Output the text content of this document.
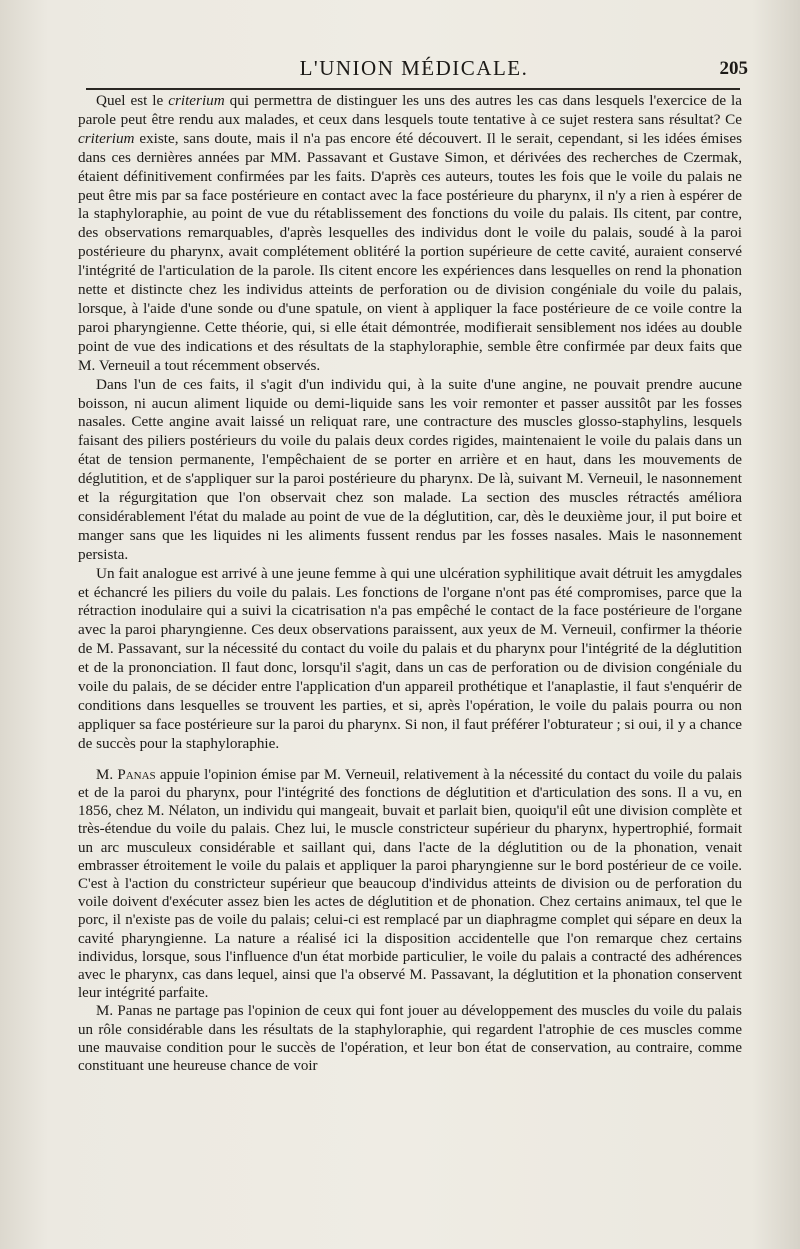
L'UNION MÉDICALE.	205

Quel est le criterium qui permettra de distinguer les uns des autres les cas dans lesquels l'exercice de la parole peut être rendu aux malades, et ceux dans lesquels toute tentative à ce sujet restera sans résultat? Ce criterium existe, sans doute, mais il n'a pas encore été découvert. Il le serait, cependant, si les idées émises dans ces dernières années par MM. Passavant et Gustave Simon, et dérivées des recherches de Czermak, étaient définitivement confirmées par les faits. D'après ces auteurs, toutes les fois que le voile du palais ne peut être mis par sa face postérieure en contact avec la face postérieure du pharynx, il n'y a rien à espérer de la staphyloraphie, au point de vue du rétablissement des fonctions du voile du palais. Ils citent, par contre, des observations remarquables, d'après lesquelles des individus dont le voile du palais, soudé à la paroi postérieure du pharynx, avait complétement oblitéré la portion supérieure de cette cavité, auraient conservé l'intégrité de l'articulation de la parole. Ils citent encore les expériences dans lesquelles on rend la phonation nette et distincte chez les individus atteints de perforation ou de division congéniale du voile du palais, lorsque, à l'aide d'une sonde ou d'une spatule, on vient à appliquer la face postérieure de ce voile contre la paroi pharyngienne. Cette théorie, qui, si elle était démontrée, modifierait sensiblement nos idées au double point de vue des indications et des résultats de la staphyloraphie, semble être confirmée par deux faits que M. Verneuil a tout récemment observés.

Dans l'un de ces faits, il s'agit d'un individu qui, à la suite d'une angine, ne pouvait prendre aucune boisson, ni aucun aliment liquide ou demi-liquide sans les voir remonter et passer aussitôt par les fosses nasales. Cette angine avait laissé un reliquat rare, une contracture des muscles glosso-staphylins, lesquels faisant des piliers postérieurs du voile du palais deux cordes rigides, maintenaient le voile du palais dans un état de tension permanente, l'empêchaient de se porter en arrière et en haut, dans les mouvements de déglutition, et de s'appliquer sur la paroi postérieure du pharynx. De là, suivant M. Verneuil, le nasonnement et la régurgitation que l'on observait chez son malade. La section des muscles rétractés améliora considérablement l'état du malade au point de vue de la déglutition, car, dès le deuxième jour, il put boire et manger sans que les liquides ni les aliments fussent rendus par les fosses nasales. Mais le nasonnement persista.

Un fait analogue est arrivé à une jeune femme à qui une ulcération syphilitique avait détruit les amygdales et échancré les piliers du voile du palais. Les fonctions de l'organe n'ont pas été compromises, parce que la rétraction inodulaire qui a suivi la cicatrisation n'a pas empêché le contact de la face postérieure de l'organe avec la paroi pharyngienne. Ces deux observations paraissent, aux yeux de M. Verneuil, confirmer la théorie de M. Passavant, sur la nécessité du contact du voile du palais et du pharynx pour l'intégrité de la déglutition et de la prononciation. Il faut donc, lorsqu'il s'agit, dans un cas de perforation ou de division congéniale du voile du palais, de se décider entre l'application d'un appareil prothétique et l'anaplastie, il faut s'enquérir de conditions dans lesquelles se trouvent les parties, et si, après l'opération, le voile du palais pourra ou non appliquer sa face postérieure sur la paroi du pharynx. Si non, il faut préférer l'obturateur ; si oui, il y a chance de succès pour la staphyloraphie.

M. Panas appuie l'opinion émise par M. Verneuil, relativement à la nécessité du contact du voile du palais et de la paroi du pharynx, pour l'intégrité des fonctions de déglutition et d'articulation des sons. Il a vu, en 1856, chez M. Nélaton, un individu qui mangeait, buvait et parlait bien, quoiqu'il eût une division complète et très-étendue du voile du palais. Chez lui, le muscle constricteur supérieur du pharynx, hypertrophié, formait un arc musculeux considérable et saillant qui, dans l'acte de la déglutition ou de la phonation, venait embrasser étroitement le voile du palais et appliquer la paroi pharyngienne sur le bord postérieur de ce voile. C'est à l'action du constricteur supérieur que beaucoup d'individus atteints de division ou de perforation du voile doivent d'exécuter assez bien les actes de déglutition et de phonation. Chez certains animaux, tel que le porc, il n'existe pas de voile du palais; celui-ci est remplacé par un diaphragme complet qui sépare en deux la cavité pharyngienne. La nature a réalisé ici la disposition accidentelle que l'on remarque chez certains individus, lorsque, sous l'influence d'un état morbide particulier, le voile du palais a contracté des adhérences avec le pharynx, cas dans lequel, ainsi que l'a observé M. Passavant, la déglutition et la phonation conservent leur intégrité parfaite.

M. Panas ne partage pas l'opinion de ceux qui font jouer au développement des muscles du voile du palais un rôle considérable dans les résultats de la staphyloraphie, qui regardent l'atrophie de ces muscles comme une mauvaise condition pour le succès de l'opération, et leur bon état de conservation, au contraire, comme constituant une heureuse chance de voir
